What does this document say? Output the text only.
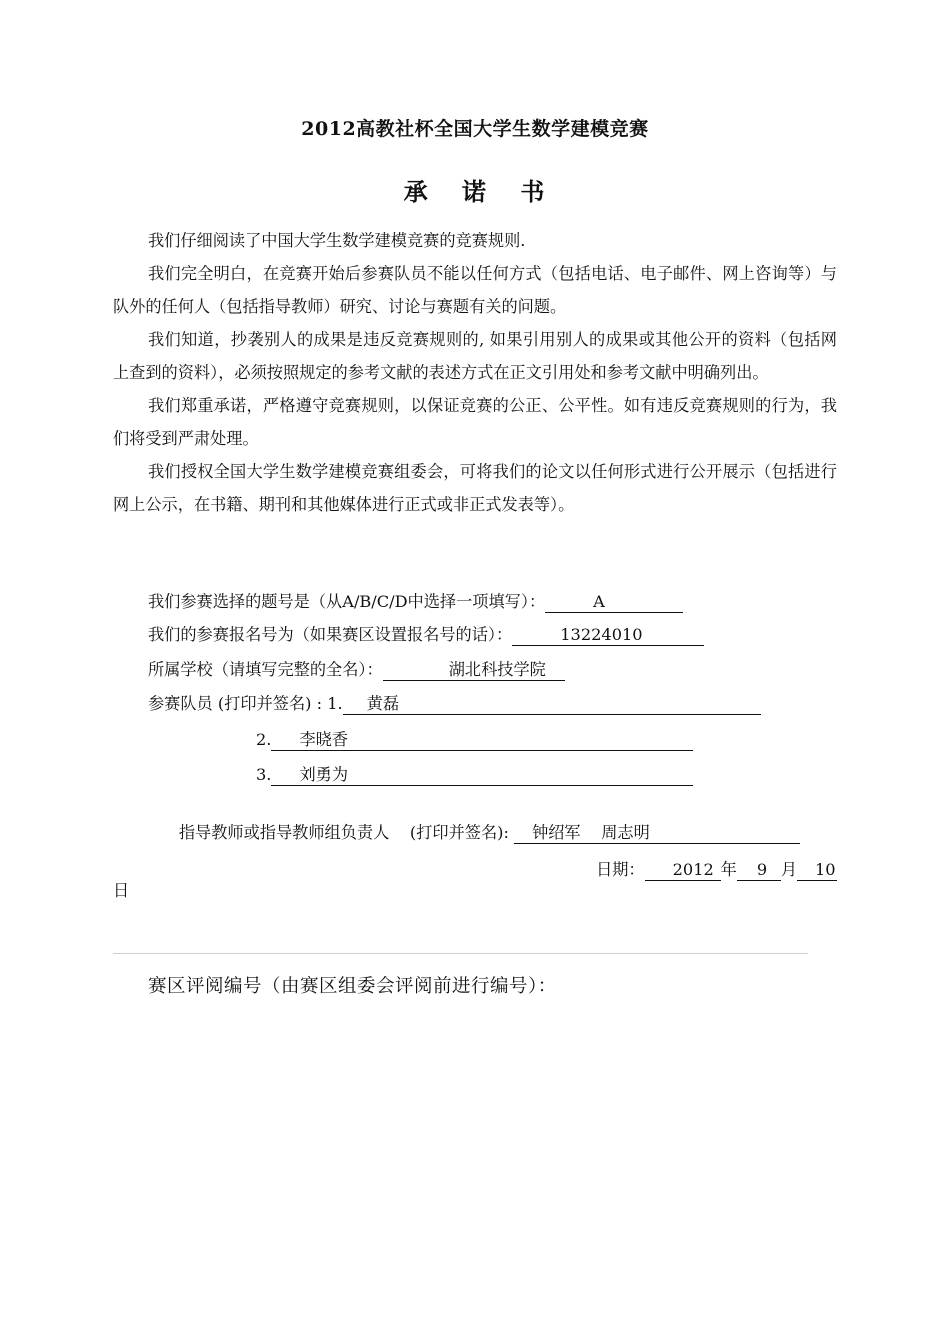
2012高教社杯全国大学生数学建模竞赛
承 诺 书

我们仔细阅读了中国大学生数学建模竞赛的竞赛规则.

我们完全明白，在竞赛开始后参赛队员不能以任何方式（包括电话、电子邮件、网上咨询等）与队外的任何人（包括指导教师）研究、讨论与赛题有关的问题。

我们知道，抄袭别人的成果是违反竞赛规则的, 如果引用别人的成果或其他公开的资料（包括网上查到的资料），必须按照规定的参考文献的表述方式在正文引用处和参考文献中明确列出。

我们郑重承诺，严格遵守竞赛规则，以保证竞赛的公正、公平性。如有违反竞赛规则的行为，我们将受到严肃处理。

我们授权全国大学生数学建模竞赛组委会，可将我们的论文以任何形式进行公开展示（包括进行网上公示，在书籍、期刊和其他媒体进行正式或非正式发表等）。

我们参赛选择的题号是（从A/B/C/D中选择一项填写）：	A
我们的参赛报名号为（如果赛区设置报名号的话）：	13224010
所属学校（请填写完整的全名）：	湖北科技学院
参赛队员 (打印并签名) : 1. 黄磊
2. 李晓香
3. 刘勇为

指导教师或指导教师组负责人    (打印并签名): 钟绍军    周志明

日期： 2012 年 9 月 10
日
赛区评阅编号（由赛区组委会评阅前进行编号）：
